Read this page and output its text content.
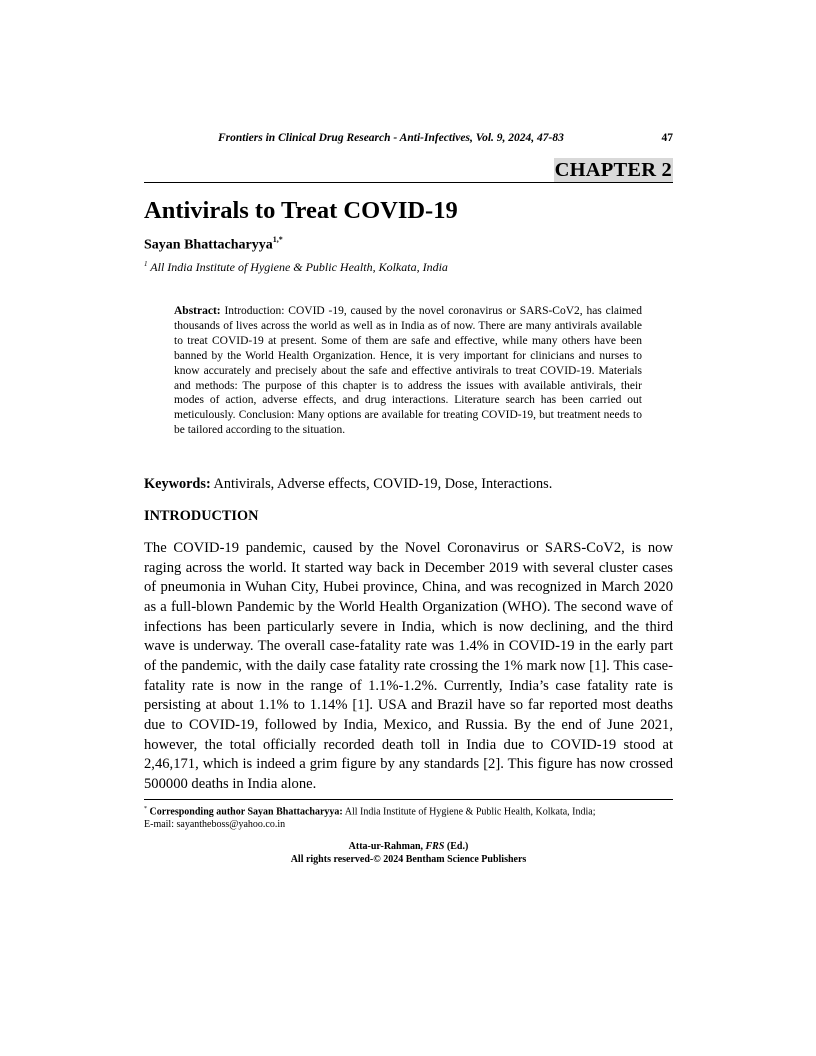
Frontiers in Clinical Drug Research - Anti-Infectives, Vol. 9, 2024, 47-83	47
CHAPTER 2
Antivirals to Treat COVID-19
Sayan Bhattacharyya$^{1,*}$
$^1$ All India Institute of Hygiene & Public Health, Kolkata, India
Abstract: Introduction: COVID -19, caused by the novel coronavirus or SARS-CoV2, has claimed thousands of lives across the world as well as in India as of now. There are many antivirals available to treat COVID-19 at present. Some of them are safe and effective, while many others have been banned by the World Health Organization. Hence, it is very important for clinicians and nurses to know accurately and precisely about the safe and effective antivirals to treat COVID-19. Materials and methods: The purpose of this chapter is to address the issues with available antivirals, their modes of action, adverse effects, and drug interactions. Literature search has been carried out meticulously. Conclusion: Many options are available for treating COVID-19, but treatment needs to be tailored according to the situation.
Keywords: Antivirals, Adverse effects, COVID-19, Dose, Interactions.
INTRODUCTION
The COVID-19 pandemic, caused by the Novel Coronavirus or SARS-CoV2, is now raging across the world. It started way back in December 2019 with several cluster cases of pneumonia in Wuhan City, Hubei province, China, and was recognized in March 2020 as a full-blown Pandemic by the World Health Organization (WHO). The second wave of infections has been particularly severe in India, which is now declining, and the third wave is underway. The overall case-fatality rate was 1.4% in COVID-19 in the early part of the pandemic, with the daily case fatality rate crossing the 1% mark now [1]. This case-fatality rate is now in the range of 1.1%-1.2%. Currently, India’s case fatality rate is persisting at about 1.1% to 1.14% [1]. USA and Brazil have so far reported most deaths due to COVID-19, followed by India, Mexico, and Russia. By the end of June 2021, however, the total officially recorded death toll in India due to COVID-19 stood at 2,46,171, which is indeed a grim figure by any standards [2]. This figure has now crossed 500000 deaths in India alone.
* Corresponding author Sayan Bhattacharyya: All India Institute of Hygiene & Public Health, Kolkata, India;
E-mail: sayantheboss@yahoo.co.in
Atta-ur-Rahman, FRS (Ed.)
All rights reserved-© 2024 Bentham Science Publishers
